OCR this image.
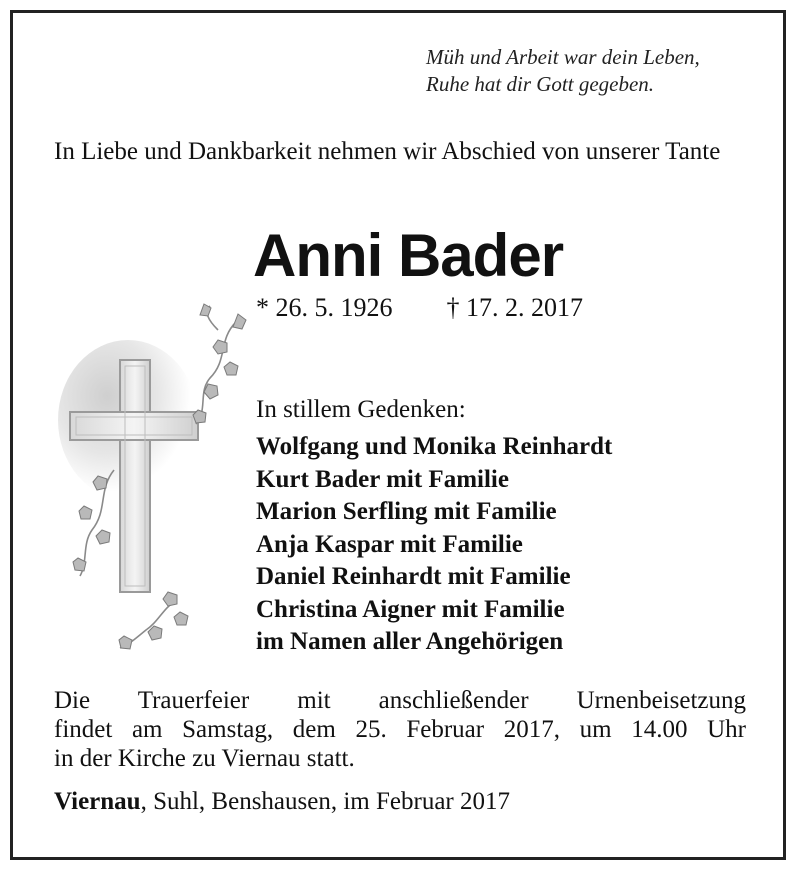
Müh und Arbeit war dein Leben,
Ruhe hat dir Gott gegeben.
In Liebe und Dankbarkeit nehmen wir Abschied von unserer Tante
Anni Bader
* 26. 5. 1926 † 17. 2. 2017
In stillem Gedenken:
Wolfgang und Monika Reinhardt
Kurt Bader mit Familie
Marion Serfling mit Familie
Anja Kaspar mit Familie
Daniel Reinhardt mit Familie
Christina Aigner mit Familie
im Namen aller Angehörigen
Die Trauerfeier mit anschließender Urnenbeisetzung
findet am Samstag, dem 25. Februar 2017, um 14.00 Uhr
in der Kirche zu Viernau statt.
Viernau, Suhl, Benshausen, im Februar 2017
